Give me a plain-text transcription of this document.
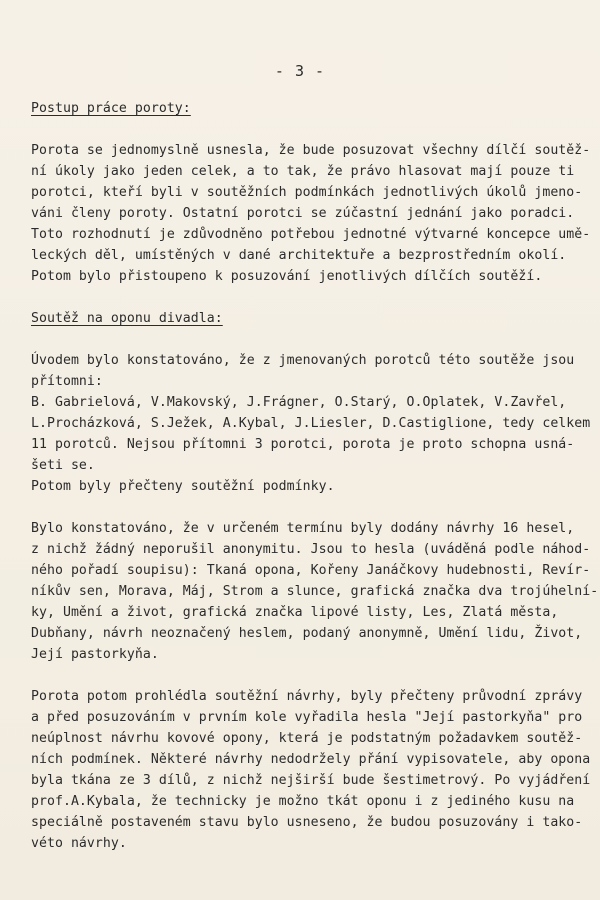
- 3 -
Postup práce poroty:
Porota se jednomyslně usnesla, že bude posuzovat všechny dílčí soutěž-
ní úkoly jako jeden celek, a to tak, že právo hlasovat mají pouze ti
porotci, kteří byli v soutěžních podmínkách jednotlivých úkolů jmeno-
váni členy poroty. Ostatní porotci se zúčastní jednání jako poradci.
Toto rozhodnutí je zdůvodněno potřebou jednotné výtvarné koncepce umě-
leckých děl, umístěných v dané architektuře a bezprostředním okolí.
Potom bylo přistoupeno k posuzování jenotlivých dílčích soutěží.
Soutěž na oponu divadla:
Úvodem bylo konstatováno, že z jmenovaných porotců této soutěže jsou
přítomni:
B. Gabrielová, V.Makovský, J.Frágner, O.Starý, O.Oplatek, V.Zavřel,
L.Procházková, S.Ježek, A.Kybal, J.Liesler, D.Castiglione, tedy celkem
11 porotců. Nejsou přítomni 3 porotci, porota je proto schopna usná-
šeti se.
Potom byly přečteny soutěžní podmínky.
Bylo konstatováno, že v určeném termínu byly dodány návrhy 16 hesel,
z nichž žádný neporušil anonymitu. Jsou to hesla (uváděná podle náhod-
ného pořadí soupisu): Tkaná opona, Kořeny Janáčkovy hudebnosti, Revír-
níkův sen, Morava, Máj, Strom a slunce, grafická značka dva trojúhelní-
ky, Umění a život, grafická značka lipové listy, Les, Zlatá města,
Dubňany, návrh neoznačený heslem, podaný anonymně, Umění lidu, Život,
Její pastorkyňa.
Porota potom prohlédla soutěžní návrhy, byly přečteny průvodní zprávy
a před posuzováním v prvním kole vyřadila hesla "Její pastorkyňa" pro
neúplnost návrhu kovové opony, která je podstatným požadavkem soutěž-
ních podmínek. Některé návrhy nedodržely přání vypisovatele, aby opona
byla tkána ze 3 dílů, z nichž nejširší bude šestimetrový. Po vyjádření
prof.A.Kybala, že technicky je možno tkát oponu i z jediného kusu na
speciálně postaveném stavu bylo usneseno, že budou posuzovány i tako-
véto návrhy.
